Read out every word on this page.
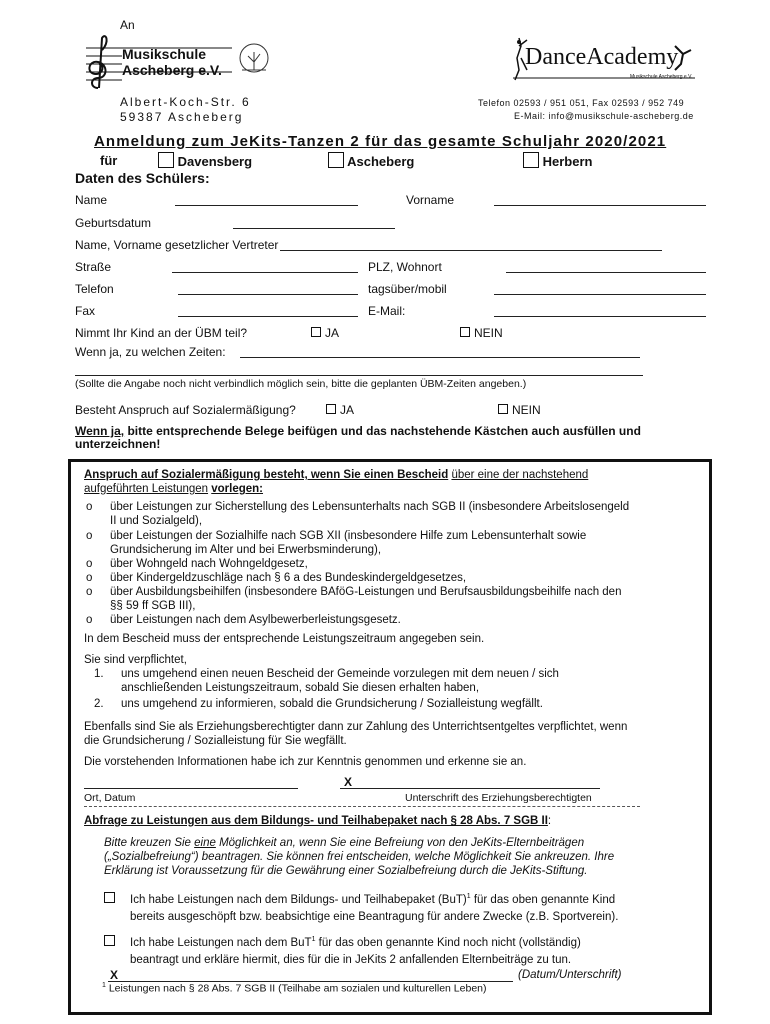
An
Musikschule
Ascheberg e.V.
Albert-Koch-Str. 6
59387 Ascheberg
DanceAcademy
Musikschule Ascheberg e.V.
Telefon 02593 / 951 051, Fax 02593 / 952 749
E-Mail: info@musikschule-ascheberg.de
Anmeldung zum JeKits-Tanzen 2 für das gesamte Schuljahr 2020/2021
für	Davensberg	Ascheberg	Herbern
Daten des Schülers:
Name	Vorname
Geburtsdatum
Name, Vorname gesetzlicher Vertreter
Straße	PLZ, Wohnort
Telefon	tagsüber/mobil
Fax	E-Mail:
Nimmt Ihr Kind an der ÜBM teil?	JA	NEIN
Wenn ja, zu welchen Zeiten:
(Sollte die Angabe noch nicht verbindlich möglich sein, bitte die geplanten ÜBM-Zeiten angeben.)
Besteht Anspruch auf Sozialermäßigung?	JA	NEIN
Wenn ja, bitte entsprechende Belege beifügen und das nachstehende Kästchen auch ausfüllen und
unterzeichnen!
Anspruch auf Sozialermäßigung besteht, wenn Sie einen Bescheid über eine der nachstehend
aufgeführten Leistungen vorlegen:
o über Leistungen zur Sicherstellung des Lebensunterhalts nach SGB II (insbesondere Arbeitslosengeld
II und Sozialgeld),
o über Leistungen der Sozialhilfe nach SGB XII (insbesondere Hilfe zum Lebensunterhalt sowie
Grundsicherung im Alter und bei Erwerbsminderung),
o über Wohngeld nach Wohngeldgesetz,
o über Kindergeldzuschläge nach § 6 a des Bundeskindergeldgesetzes,
o über Ausbildungsbeihilfen (insbesondere BAföG-Leistungen und Berufsausbildungsbeihilfe nach den
§§ 59 ff SGB III),
o über Leistungen nach dem Asylbewerberleistungsgesetz.
In dem Bescheid muss der entsprechende Leistungszeitraum angegeben sein.
Sie sind verpflichtet,
1. uns umgehend einen neuen Bescheid der Gemeinde vorzulegen mit dem neuen / sich
anschließenden Leistungszeitraum, sobald Sie diesen erhalten haben,
2. uns umgehend zu informieren, sobald die Grundsicherung / Sozialleistung wegfällt.
Ebenfalls sind Sie als Erziehungsberechtigter dann zur Zahlung des Unterrichtsentgeltes verpflichtet, wenn
die Grundsicherung / Sozialleistung für Sie wegfällt.
Die vorstehenden Informationen habe ich zur Kenntnis genommen und erkenne sie an.
X
Ort, Datum	Unterschrift des Erziehungsberechtigten
Abfrage zu Leistungen aus dem Bildungs- und Teilhabepaket nach § 28 Abs. 7 SGB II:
Bitte kreuzen Sie eine Möglichkeit an, wenn Sie eine Befreiung von den JeKits-Elternbeiträgen
(„Sozialbefreiung“) beantragen. Sie können frei entscheiden, welche Möglichkeit Sie ankreuzen. Ihre
Erklärung ist Voraussetzung für die Gewährung einer Sozialbefreiung durch die JeKits-Stiftung.
Ich habe Leistungen nach dem Bildungs- und Teilhabepaket (BuT)$^1$ für das oben genannte Kind
bereits ausgeschöpft bzw. beabsichtige eine Beantragung für andere Zwecke (z.B. Sportverein).
Ich habe Leistungen nach dem BuT$^1$ für das oben genannte Kind noch nicht (vollständig)
beantragt und erkläre hiermit, dies für die in JeKits 2 anfallenden Elternbeiträge zu tun.
X	(Datum/Unterschrift)
$^1$ Leistungen nach § 28 Abs. 7 SGB II (Teilhabe am sozialen und kulturellen Leben)
